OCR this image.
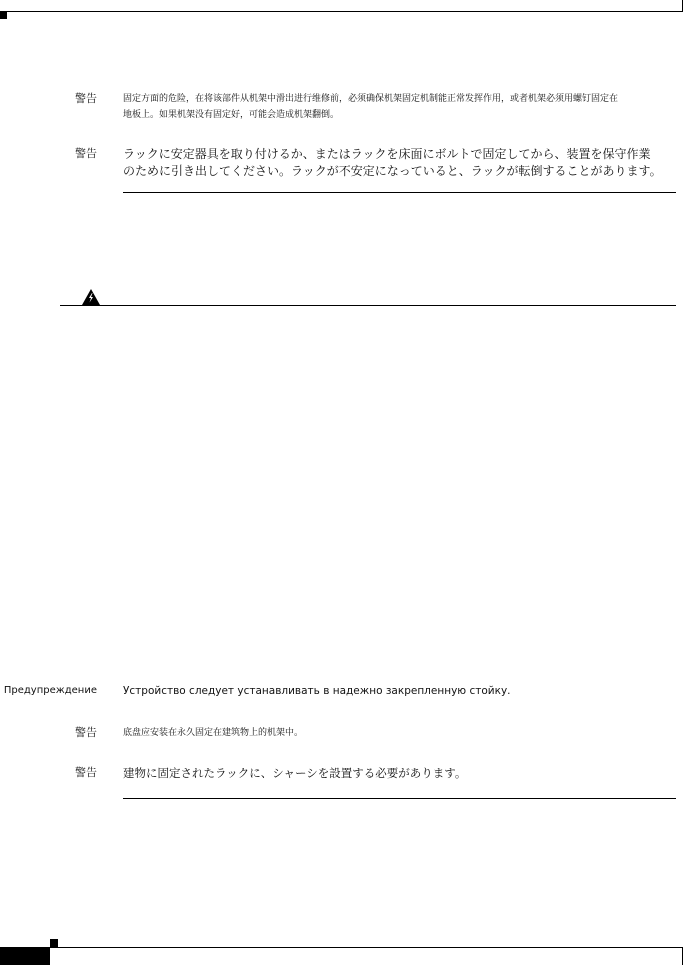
警告	固定方面的危险，在将该部件从机架中滑出进行维修前，必须确保机架固定机制能正常发挥作用，或者机架必须用螺钉固定在
地板上。如果机架没有固定好，可能会造成机架翻倒。
警告 ラックに安定器具を取り付けるか、またはラックを床面にボルトで固定してから、装置を保守作業
のために引き出してください。ラックが不安定になっていると、ラックが転倒することがあります。
Предупреждение Устройство следует устанавливать в надежно закрепленную стойку.
警告	底盘应安装在永久固定在建筑物上的机架中。
警告 建物に固定されたラックに、シャーシを設置する必要があります。
